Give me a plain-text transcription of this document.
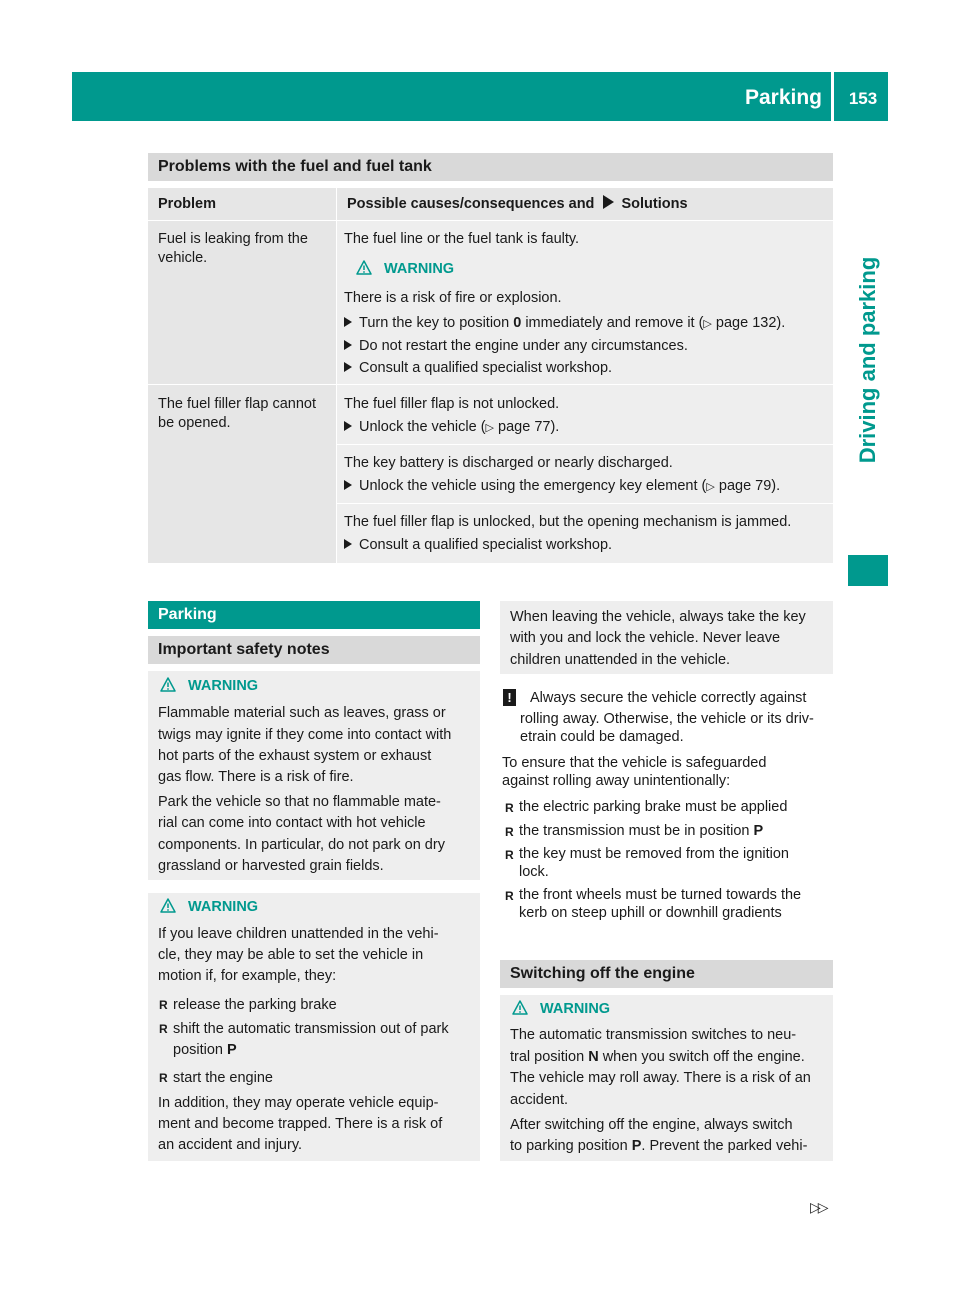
Parking	153
Driving and parking
Problems with the fuel and fuel tank
Problem	Possible causes/consequences and Solutions
Fuel is leaking from the
vehicle.
The fuel line or the fuel tank is faulty.
WARNING
There is a risk of fire or explosion.
Turn the key to position 0 immediately and remove it (▷ page 132).
Do not restart the engine under any circumstances.
Consult a qualified specialist workshop.
The fuel filler flap cannot
be opened.
The fuel filler flap is not unlocked.
Unlock the vehicle (▷ page 77).
The key battery is discharged or nearly discharged.
Unlock the vehicle using the emergency key element (▷ page 79).
The fuel filler flap is unlocked, but the opening mechanism is jammed.
Consult a qualified specialist workshop.
Parking
Important safety notes
WARNING
Flammable material such as leaves, grass or
twigs may ignite if they come into contact with
hot parts of the exhaust system or exhaust
gas flow. There is a risk of fire.
Park the vehicle so that no flammable mate-
rial can come into contact with hot vehicle
components. In particular, do not park on dry
grassland or harvested grain fields.
WARNING
If you leave children unattended in the vehi-
cle, they may be able to set the vehicle in
motion if, for example, they:
R release the parking brake
R shift the automatic transmission out of park
position P
R start the engine
In addition, they may operate vehicle equip-
ment and become trapped. There is a risk of
an accident and injury.
When leaving the vehicle, always take the key
with you and lock the vehicle. Never leave
children unattended in the vehicle.
! Always secure the vehicle correctly against
rolling away. Otherwise, the vehicle or its driv-
etrain could be damaged.
To ensure that the vehicle is safeguarded
against rolling away unintentionally:
R the electric parking brake must be applied
R the transmission must be in position P
R the key must be removed from the ignition
lock.
R the front wheels must be turned towards the
kerb on steep uphill or downhill gradients
Switching off the engine
WARNING
The automatic transmission switches to neu-
tral position N when you switch off the engine.
The vehicle may roll away. There is a risk of an
accident.
After switching off the engine, always switch
to parking position P. Prevent the parked vehi-
▷▷
